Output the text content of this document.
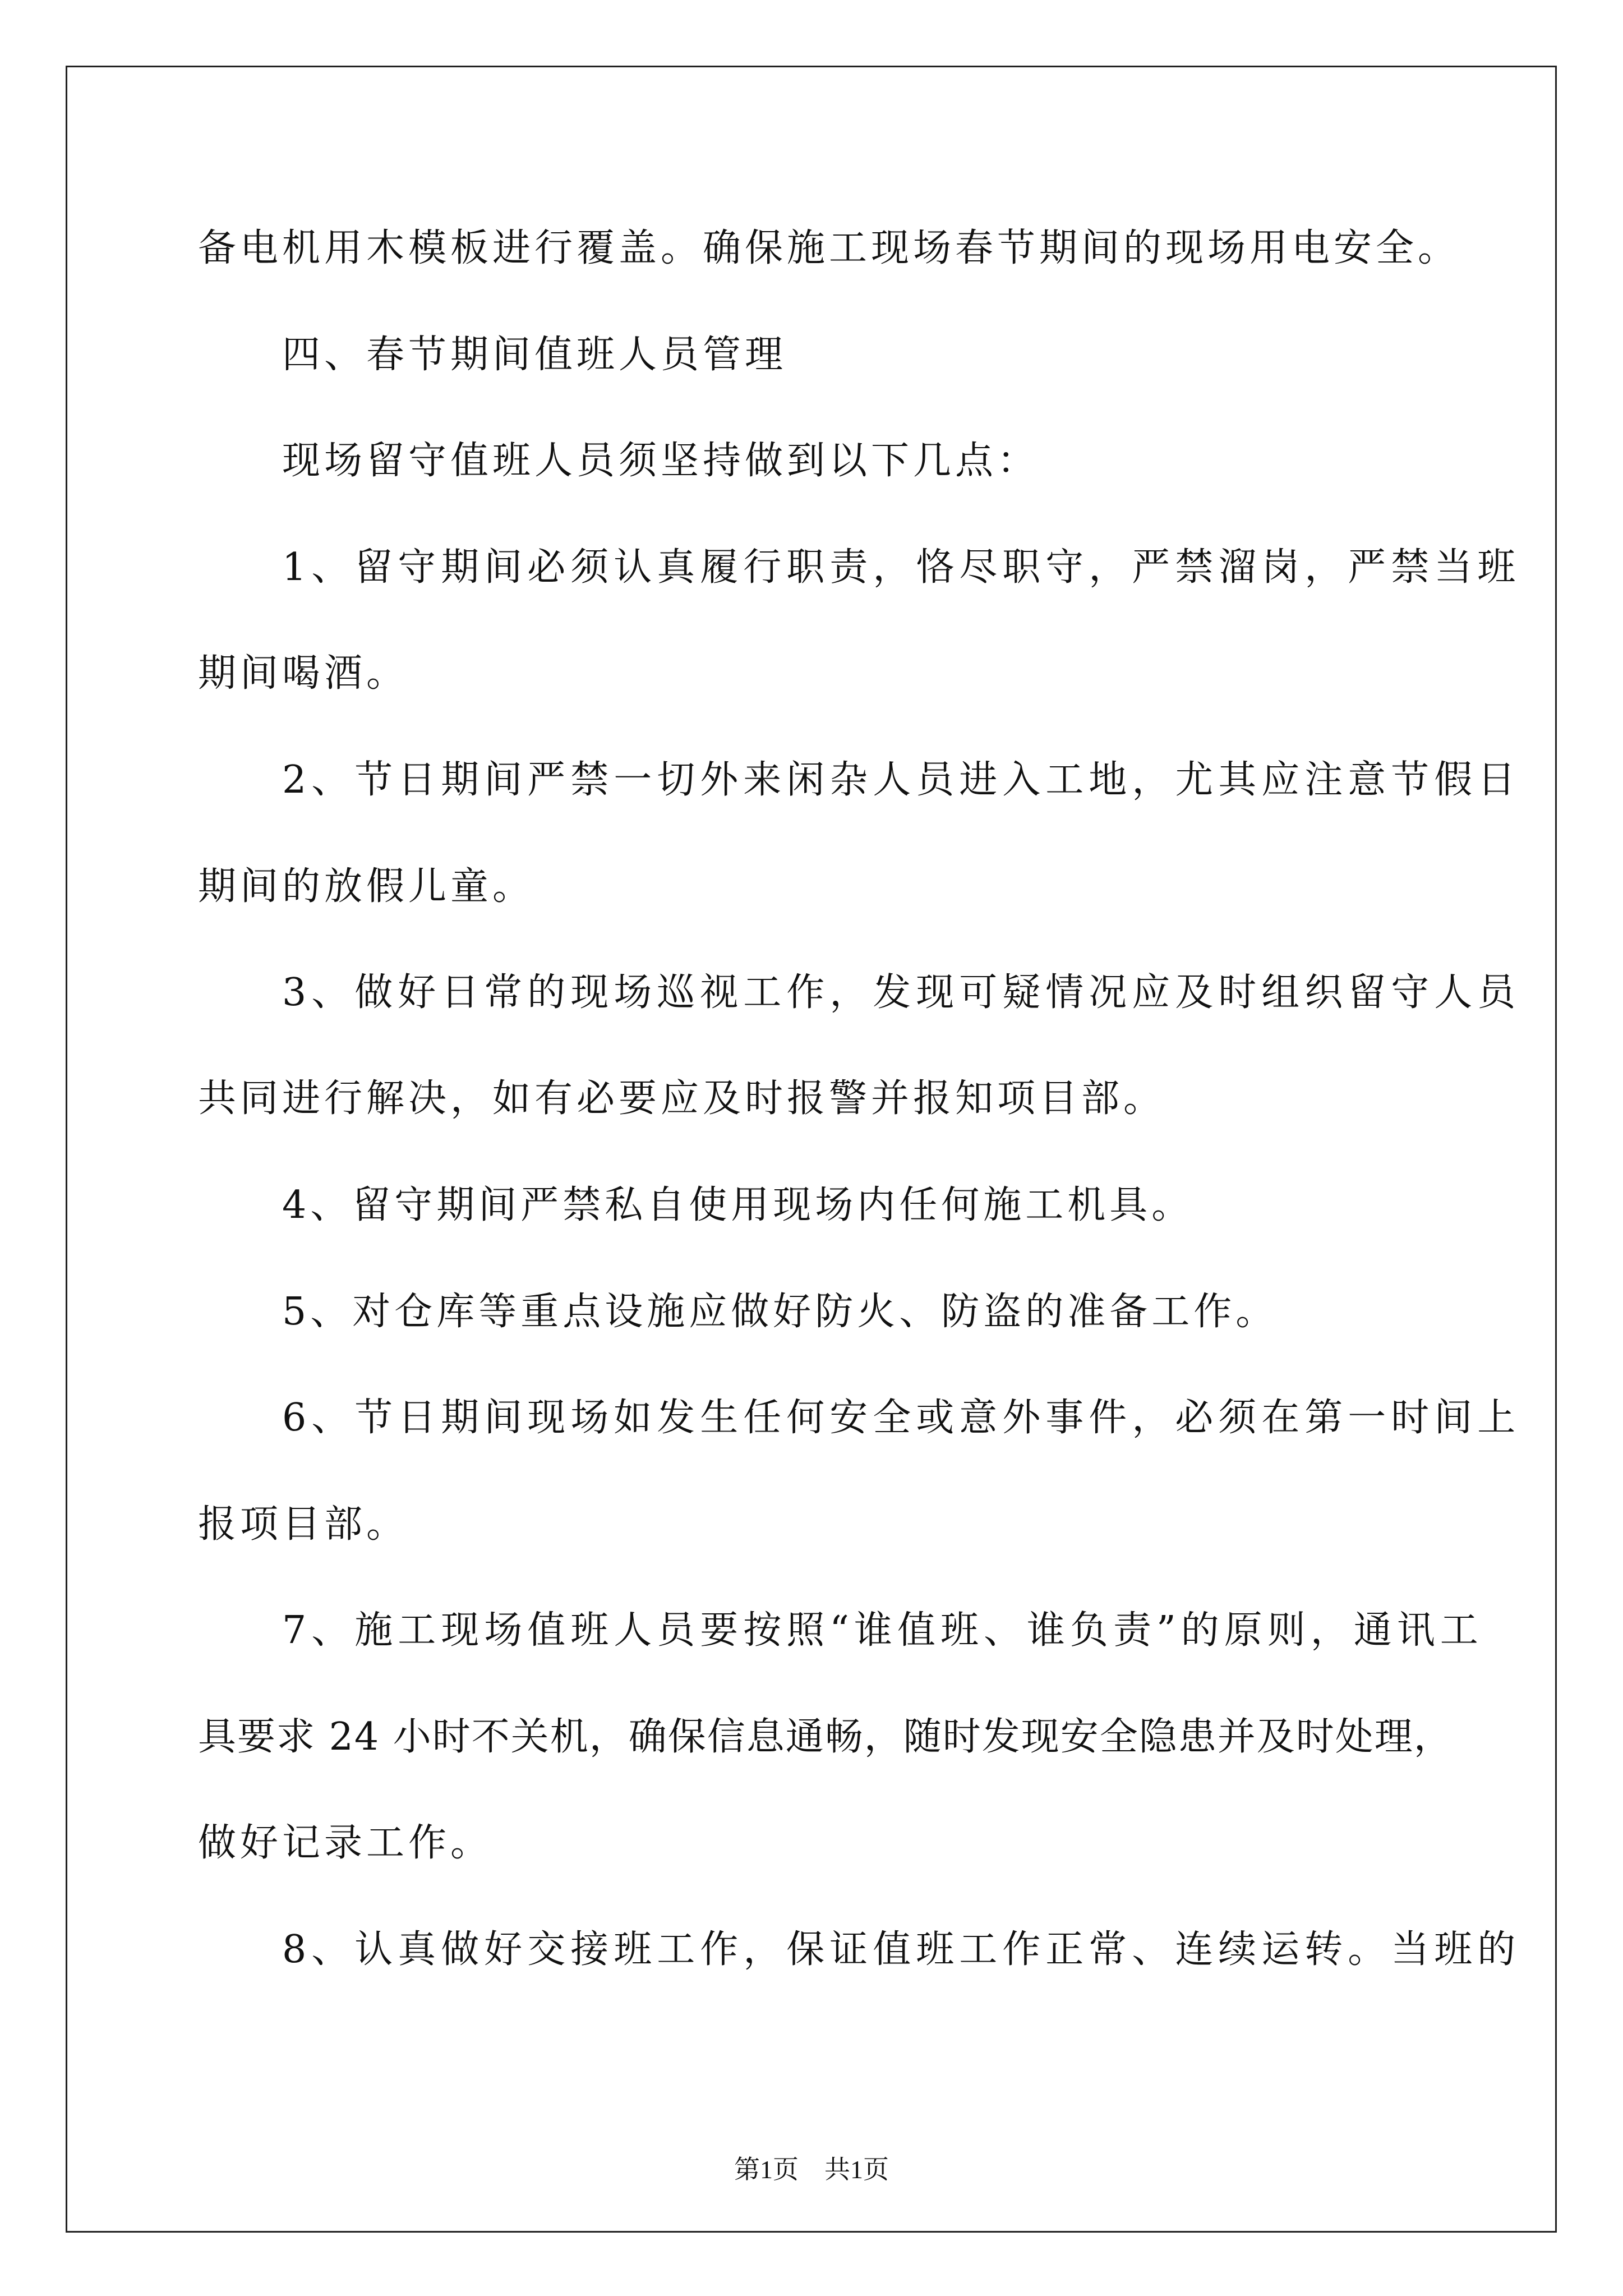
备电机用木模板进行覆盖。确保施工现场春节期间的现场用电安全。
四、春节期间值班人员管理
现场留守值班人员须坚持做到以下几点：
1、留守期间必须认真履行职责，恪尽职守，严禁溜岗，严禁当班
期间喝酒。
2、节日期间严禁一切外来闲杂人员进入工地，尤其应注意节假日
期间的放假儿童。
3、做好日常的现场巡视工作，发现可疑情况应及时组织留守人员
共同进行解决，如有必要应及时报警并报知项目部。
4、留守期间严禁私自使用现场内任何施工机具。
5、对仓库等重点设施应做好防火、防盗的准备工作。
6、节日期间现场如发生任何安全或意外事件，必须在第一时间上
报项目部。
7、施工现场值班人员要按照“谁值班、谁负责”的原则，通讯工
具要求 24 小时不关机，确保信息通畅，随时发现安全隐患并及时处理，
做好记录工作。
8、认真做好交接班工作，保证值班工作正常、连续运转。当班的
第1页　共1页
